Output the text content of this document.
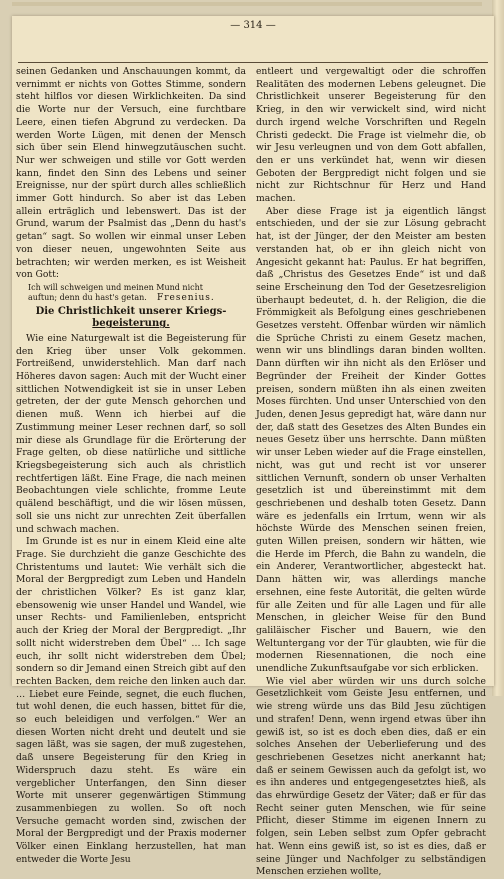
— 314 —

seinen Gedanken und Anschauungen kommt, da vernimmt er nichts von Gottes Stimme, sondern steht hilflos vor diesen Wirklichkeiten. Da sind die Worte nur der Versuch, eine furchtbare Leere, einen tiefen Abgrund zu verdecken. Da werden Worte Lügen, mit denen der Mensch sich über sein Elend hinwegzutäuschen sucht. Nur wer schweigen und stille vor Gott werden kann, findet den Sinn des Lebens und seiner Ereignisse, nur der spürt durch alles schließlich immer Gott hindurch. So aber ist das Leben allein erträglich und lebenswert. Das ist der Grund, warum der Psalmist das „Denn du hast's getan“ sagt. So wollen wir einmal unser Leben von dieser neuen, ungewohnten Seite aus betrachten; wir werden merken, es ist Weisheit von Gott:

Ich will schweigen und meinen Mund nicht
auftun; denn du hast's getan. Fresenius.
Die Christlichkeit unserer Kriegs-
begeisterung.

Wie eine Naturgewalt ist die Begeisterung für den Krieg über unser Volk gekommen. Fortreißend, unwiderstehlich. Man darf nach Höheres davon sagen: Auch mit der Wucht einer sittlichen Notwendigkeit ist sie in unser Leben getreten, der der gute Mensch gehorchen und dienen muß. Wenn ich hierbei auf die Zustimmung meiner Leser rechnen darf, so soll mir diese als Grundlage für die Erörterung der Frage gelten, ob diese natürliche und sittliche Kriegsbegeisterung sich auch als christlich rechtfertigen läßt. Eine Frage, die nach meinen Beobachtungen viele schlichte, fromme Leute quälend beschäftigt, und die wir lösen müssen, soll sie uns nicht zur unrechten Zeit überfallen und schwach machen.

Im Grunde ist es nur in einem Kleid eine alte Frage. Sie durchzieht die ganze Geschichte des Christentums und lautet: Wie verhält sich die Moral der Bergpredigt zum Leben und Handeln der christlichen Völker? Es ist ganz klar, ebensowenig wie unser Handel und Wandel, wie unser Rechts- und Familienleben, entspricht auch der Krieg der Moral der Bergpredigt. „Ihr sollt nicht widerstreben dem Übel“ … Ich sage euch, ihr sollt nicht widerstreben dem Übel; sondern so dir Jemand einen Streich gibt auf den rechten Backen, dem reiche den linken auch dar. … Liebet eure Feinde, segnet, die euch fluchen, tut wohl denen, die euch hassen, bittet für die, so euch beleidigen und verfolgen.“ Wer an diesen Worten nicht dreht und deutelt und sie sagen läßt, was sie sagen, der muß zugestehen, daß unsere Begeisterung für den Krieg in Widerspruch dazu steht. Es wäre ein vergeblicher Unterfangen, den Sinn dieser Worte mit unserer gegenwärtigen Stimmung zusammenbiegen zu wollen. So oft noch Versuche gemacht worden sind, zwischen der Moral der Bergpredigt und der Praxis moderner Völker einen Einklang herzustellen, hat man entweder die Worte Jesu

entleert und vergewaltigt oder die schroffen Realitäten des modernen Lebens geleugnet. Die Christlichkeit unserer Begeisterung für den Krieg, in den wir verwickelt sind, wird nicht durch irgend welche Vorschriften und Regeln Christi gedeckt. Die Frage ist vielmehr die, ob wir Jesu verleugnen und von dem Gott abfallen, den er uns verkündet hat, wenn wir diesen Geboten der Bergpredigt nicht folgen und sie nicht zur Richtschnur für Herz und Hand machen.

Aber diese Frage ist ja eigentlich längst entschieden, und der sie zur Lösung gebracht hat, ist der Jünger, der den Meister am besten verstanden hat, ob er ihn gleich nicht von Angesicht gekannt hat: Paulus. Er hat begriffen, daß „Christus des Gesetzes Ende“ ist und daß seine Erscheinung den Tod der Gesetzesreligion überhaupt bedeutet, d. h. der Religion, die die Frömmigkeit als Befolgung eines geschriebenen Gesetzes versteht. Offenbar würden wir nämlich die Sprüche Christi zu einem Gesetz machen, wenn wir uns blindlings daran binden wollten. Dann dürften wir ihn nicht als den Erlöser und Begründer der Freiheit der Kinder Gottes preisen, sondern müßten ihn als einen zweiten Moses fürchten. Und unser Unterschied von den Juden, denen Jesus gepredigt hat, wäre dann nur der, daß statt des Gesetzes des Alten Bundes ein neues Gesetz über uns herrschte. Dann müßten wir unser Leben wieder auf die Frage einstellen, nicht, was gut und recht ist vor unserer sittlichen Vernunft, sondern ob unser Verhalten gesetzlich ist und übereinstimmt mit dem geschriebenen und deshalb toten Gesetz. Dann wäre es jedenfalls ein Irrtum, wenn wir als höchste Würde des Menschen seinen freien, guten Willen preisen, sondern wir hätten, wie die Herde im Pferch, die Bahn zu wandeln, die ein Anderer, Verantwortlicher, abgesteckt hat. Dann hätten wir, was allerdings manche ersehnen, eine feste Autorität, die gelten würde für alle Zeiten und für alle Lagen und für alle Menschen, in gleicher Weise für den Bund galiläischer Fischer und Bauern, wie den Weltuntergang vor der Tür glaubten, wie für die modernen Riesennationen, die noch eine unendliche Zukunftsaufgabe vor sich erblicken.

Wie viel aber würden wir uns durch solche Gesetzlichkeit vom Geiste Jesu entfernen, und wie streng würde uns das Bild Jesu züchtigen und strafen! Denn, wenn irgend etwas über ihn gewiß ist, so ist es doch eben dies, daß er ein solches Ansehen der Ueberlieferung und des geschriebenen Gesetzes nicht anerkannt hat; daß er seinem Gewissen auch da gefolgt ist, wo es ihn anderes und entgegengesetztes hieß, als das ehrwürdige Gesetz der Väter; daß er für das Recht seiner guten Menschen, wie für seine Pflicht, dieser Stimme im eigenen Innern zu folgen, sein Leben selbst zum Opfer gebracht hat. Wenn eins gewiß ist, so ist es dies, daß er seine Jünger und Nachfolger zu selbständigen Menschen erziehen wollte,
